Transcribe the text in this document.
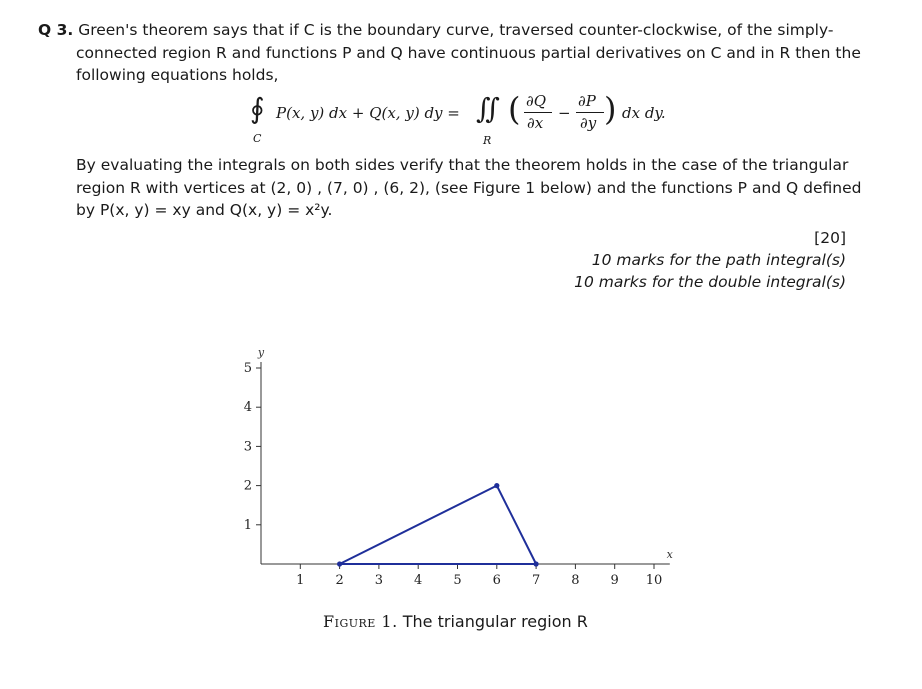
Q 3. Green's theorem says that if C is the boundary curve, traversed counter-clockwise, of the simply-
connected region R and functions P and Q have continuous partial derivatives on C and in R then the
following equations holds,
∮
C
P(x, y) dx + Q(x, y) dy = ∬
R
( ∂Q
∂x
−
∂P
∂y ) dx dy.
By evaluating the integrals on both sides verify that the theorem holds in the case of the triangular
region R with vertices at (2, 0) , (7, 0) , (6, 2), (see Figure 1 below) and the functions P and Q defined
by P(x, y) = xy and Q(x, y) = x²y.
[20]
10 marks for the path integral(s)
10 marks for the double integral(s)
1 2 3 4 5 6 7 8 9 10
1
2
3
4
5
x
y
Figure 1. The triangular region R
